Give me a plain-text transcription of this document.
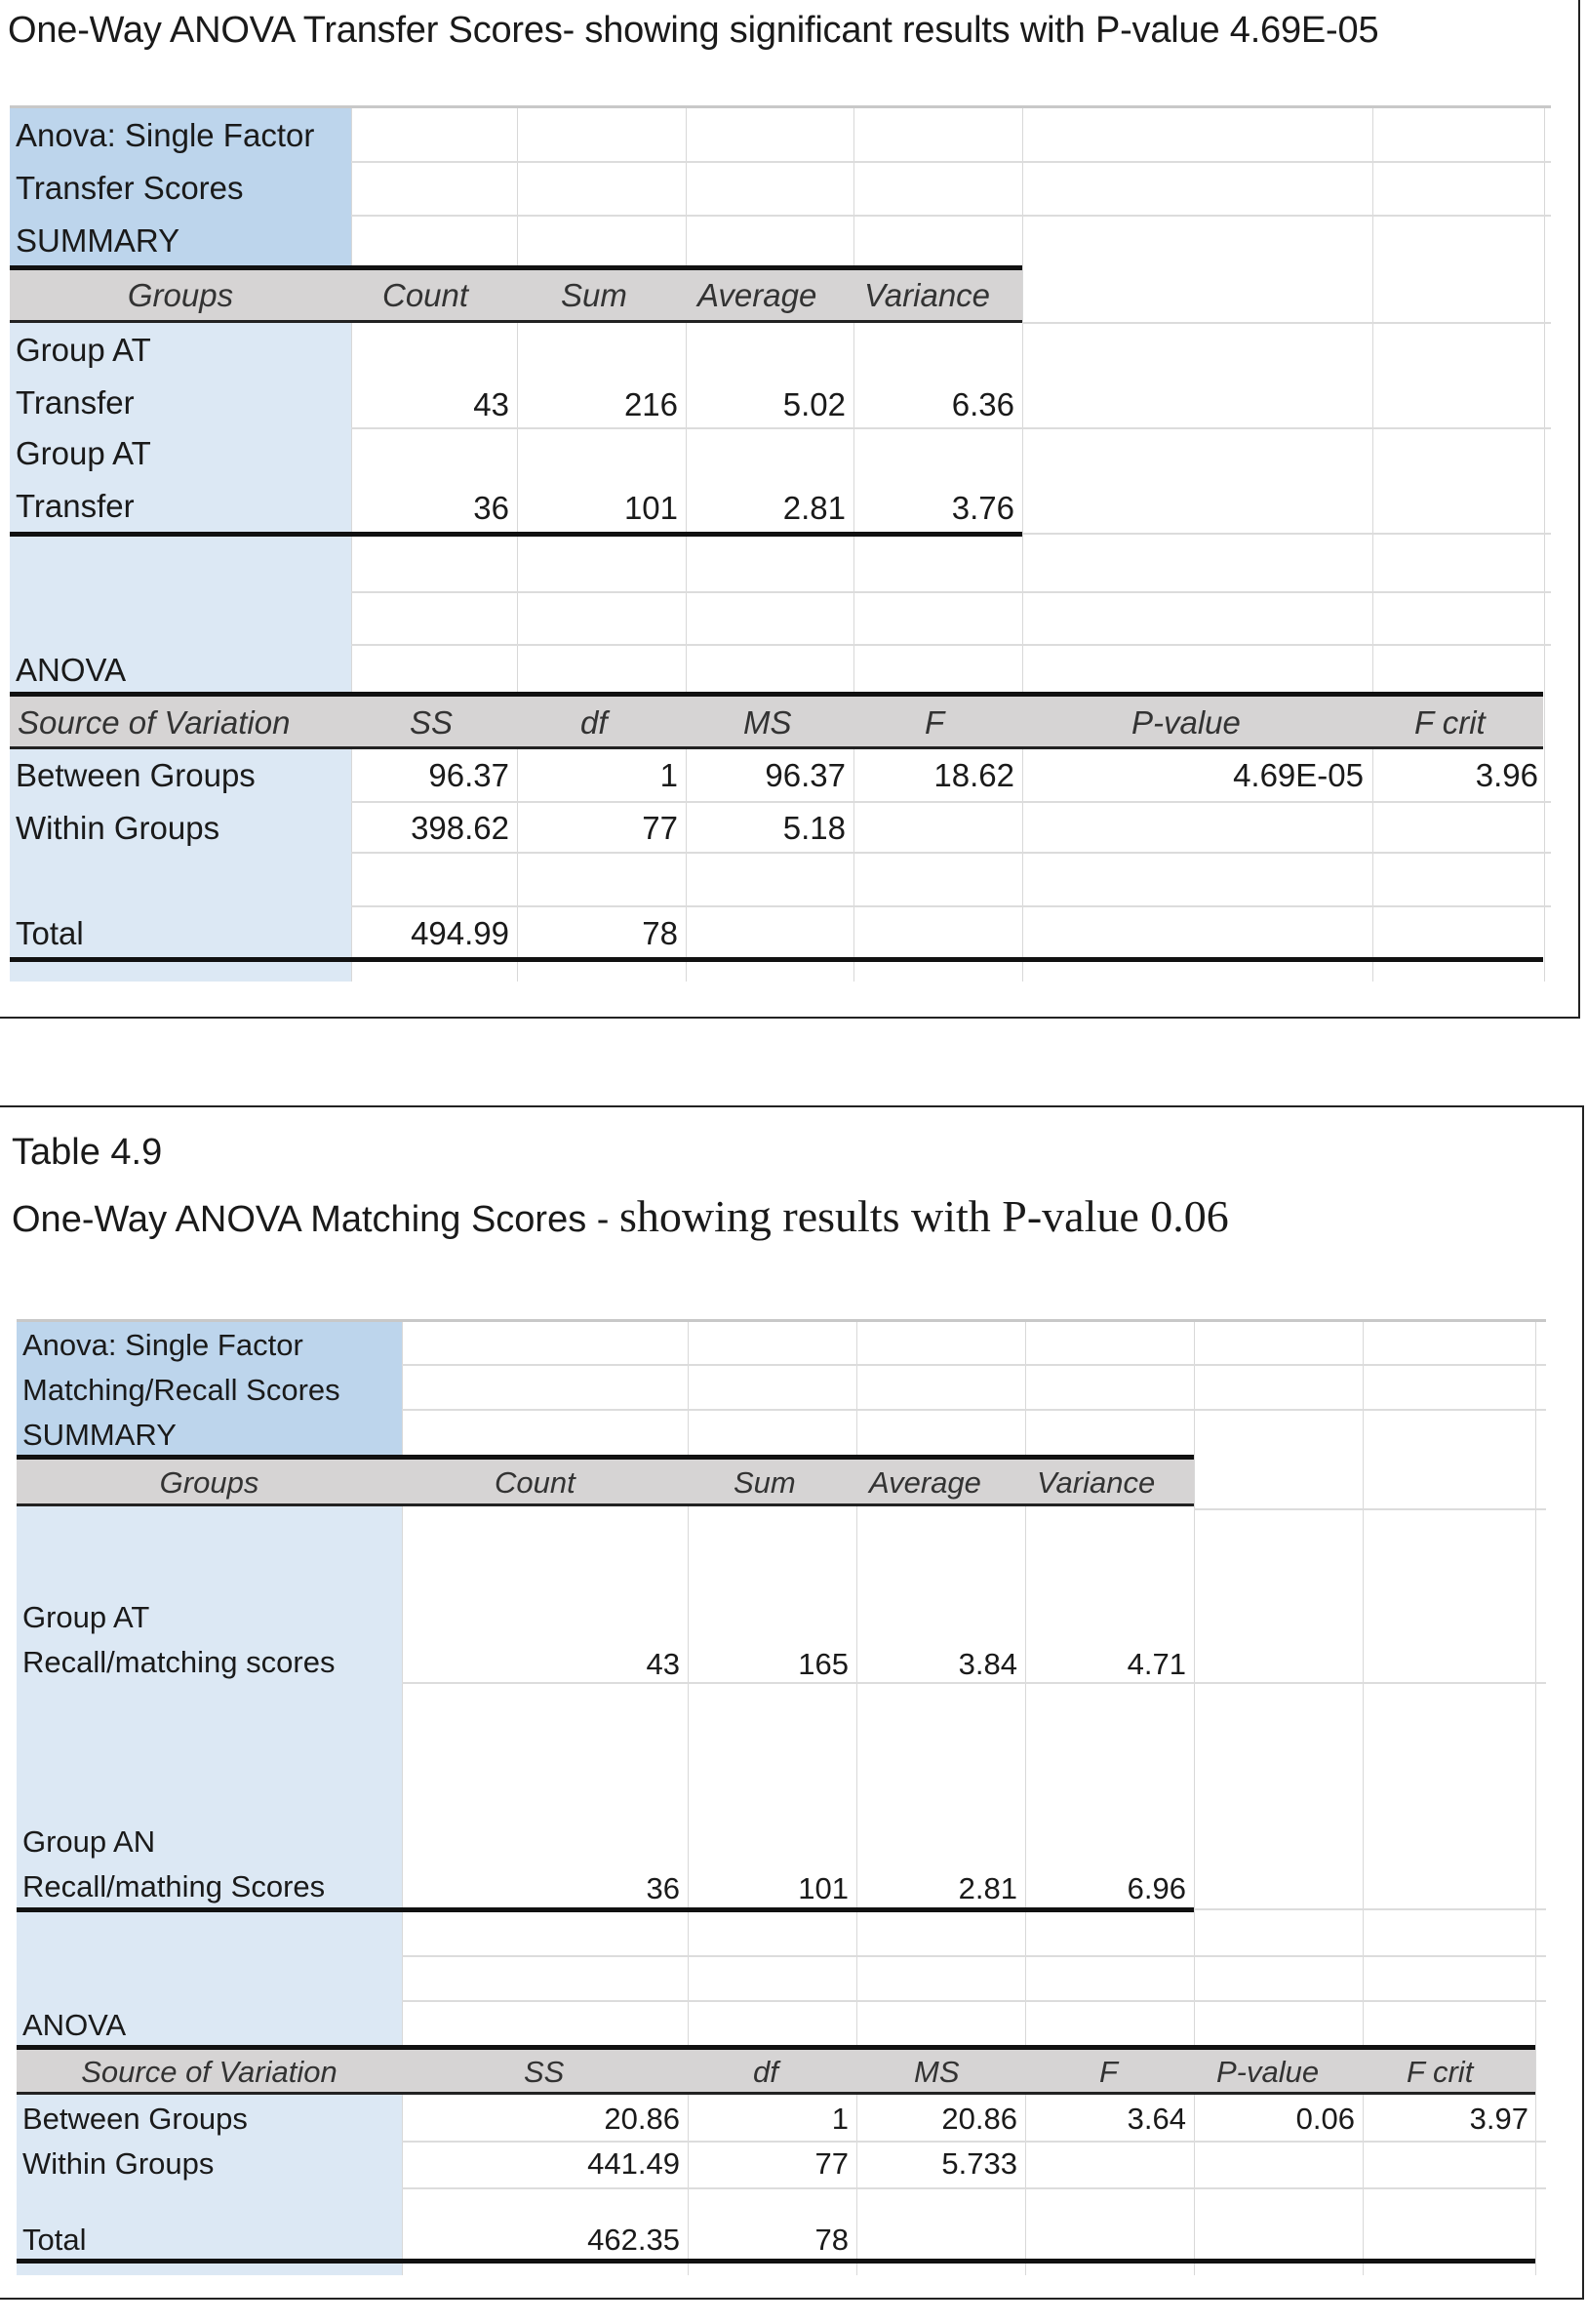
One-Way ANOVA Transfer Scores- showing significant results with P-value 4.69E-05
Anova: Single Factor
Transfer Scores
SUMMARY
Groups	Count	Sum Average Variance
Group AT
Transfer	43	216	5.02	6.36
Group AT
Transfer	36	101	2.81	3.76
ANOVA
Source of Variation	SS	df	MS	F	P-value	F crit
Between Groups	96.37	1	96.37	18.62	4.69E-05	3.96
Within Groups	398.62	77	5.18
Total	494.99	78
Table 4.9
One-Way ANOVA Matching Scores - showing results with P-value 0.06
Anova: Single Factor
Matching/Recall Scores
SUMMARY
Groups	Count	Sum Average Variance
Group AT
Recall/matching scores	43	165	3.84	4.71
Group AN
Recall/mathing Scores	36	101	2.81	6.96
ANOVA
Source of Variation	SS	df	MS	F	P-value	F crit
Between Groups	20.86	1	20.86	3.64	0.06	3.97
Within Groups	441.49	77	5.733
Total	462.35	78
